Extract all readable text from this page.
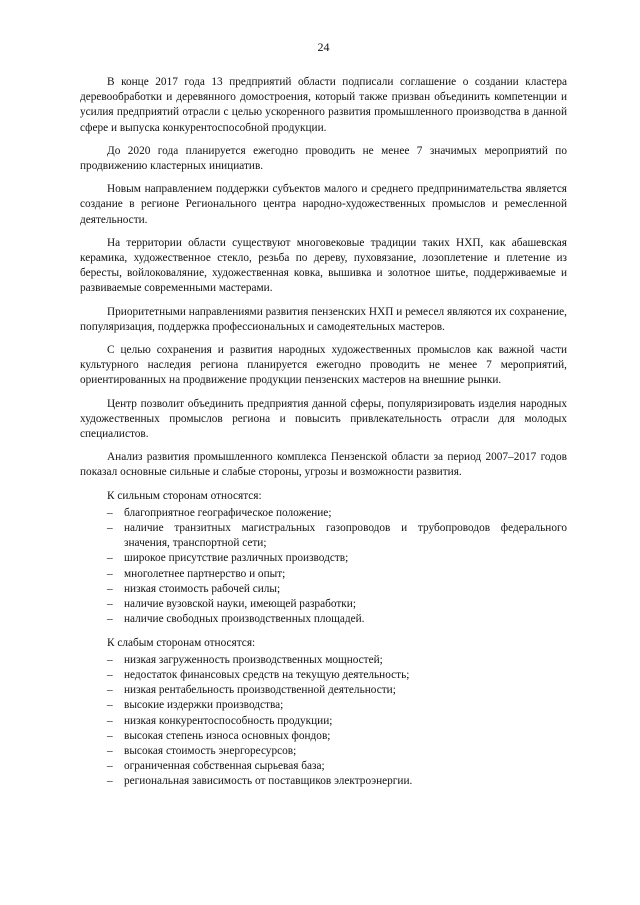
24

В конце 2017 года 13 предприятий области подписали соглашение о создании кластера деревообработки и деревянного домостроения, который также призван объединить компетенции и усилия предприятий отрасли с целью ускоренного развития промышленного производства в данной сфере и выпуска конкурентоспособной продукции.

До 2020 года планируется ежегодно проводить не менее 7 значимых мероприятий по продвижению кластерных инициатив.

Новым направлением поддержки субъектов малого и среднего предпринимательства является создание в регионе Регионального центра народно-художественных промыслов и ремесленной деятельности.

На территории области существуют многовековые традиции таких НХП, как абашевская керамика, художественное стекло, резьба по дереву, пуховязание, лозоплетение и плетение из бересты, войлоковаляние, художественная ковка, вышивка и золотное шитье, поддерживаемые и развиваемые современными мастерами.

Приоритетными направлениями развития пензенских НХП и ремесел являются их сохранение, популяризация, поддержка профессиональных и самодеятельных мастеров.

С целью сохранения и развития народных художественных промыслов как важной части культурного наследия региона планируется ежегодно проводить не менее 7 мероприятий, ориентированных на продвижение продукции пензенских мастеров на внешние рынки.

Центр позволит объединить предприятия данной сферы, популяризировать изделия народных художественных промыслов региона и повысить привлекательность отрасли для молодых специалистов.

Анализ развития промышленного комплекса Пензенской области за период 2007–2017 годов показал основные сильные и слабые стороны, угрозы и возможности развития.

К сильным сторонам относятся:

– благоприятное географическое положение;
– наличие транзитных магистральных газопроводов и трубопроводов федерального значения, транспортной сети;
– широкое присутствие различных производств;
– многолетнее партнерство и опыт;
– низкая стоимость рабочей силы;
– наличие вузовской науки, имеющей разработки;
– наличие свободных производственных площадей.

К слабым сторонам относятся:

– низкая загруженность производственных мощностей;
– недостаток финансовых средств на текущую деятельность;
– низкая рентабельность производственной деятельности;
– высокие издержки производства;
– низкая конкурентоспособность продукции;
– высокая степень износа основных фондов;
– высокая стоимость энергоресурсов;
– ограниченная собственная сырьевая база;
– региональная зависимость от поставщиков электроэнергии.
